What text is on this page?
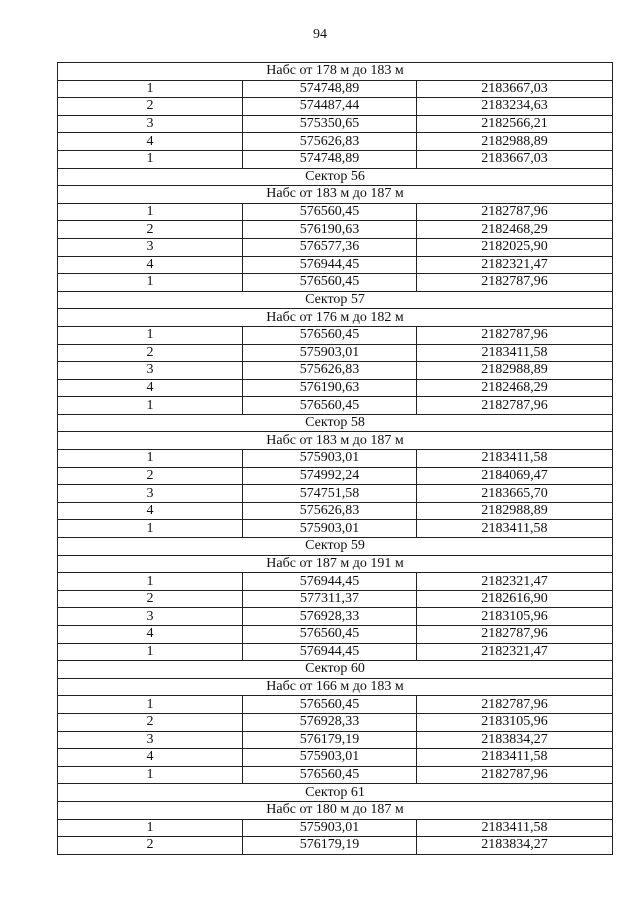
94
Набс от 178 м до 183 м		
1	574748,89	2183667,03
2	574487,44	2183234,63
3	575350,65	2182566,21
4	575626,83	2182988,89
1	574748,89	2183667,03
Сектор 56		
Набс от 183 м до 187 м		
1	576560,45	2182787,96
2	576190,63	2182468,29
3	576577,36	2182025,90
4	576944,45	2182321,47
1	576560,45	2182787,96
Сектор 57		
Набс от 176 м до 182 м		
1	576560,45	2182787,96
2	575903,01	2183411,58
3	575626,83	2182988,89
4	576190,63	2182468,29
1	576560,45	2182787,96
Сектор 58		
Набс от 183 м до 187 м		
1	575903,01	2183411,58
2	574992,24	2184069,47
3	574751,58	2183665,70
4	575626,83	2182988,89
1	575903,01	2183411,58
Сектор 59		
Набс от 187 м до 191 м		
1	576944,45	2182321,47
2	577311,37	2182616,90
3	576928,33	2183105,96
4	576560,45	2182787,96
1	576944,45	2182321,47
Сектор 60		
Набс от 166 м до 183 м		
1	576560,45	2182787,96
2	576928,33	2183105,96
3	576179,19	2183834,27
4	575903,01	2183411,58
1	576560,45	2182787,96
Сектор 61		
Набс от 180 м до 187 м		
1	575903,01	2183411,58
2	576179,19	2183834,27
